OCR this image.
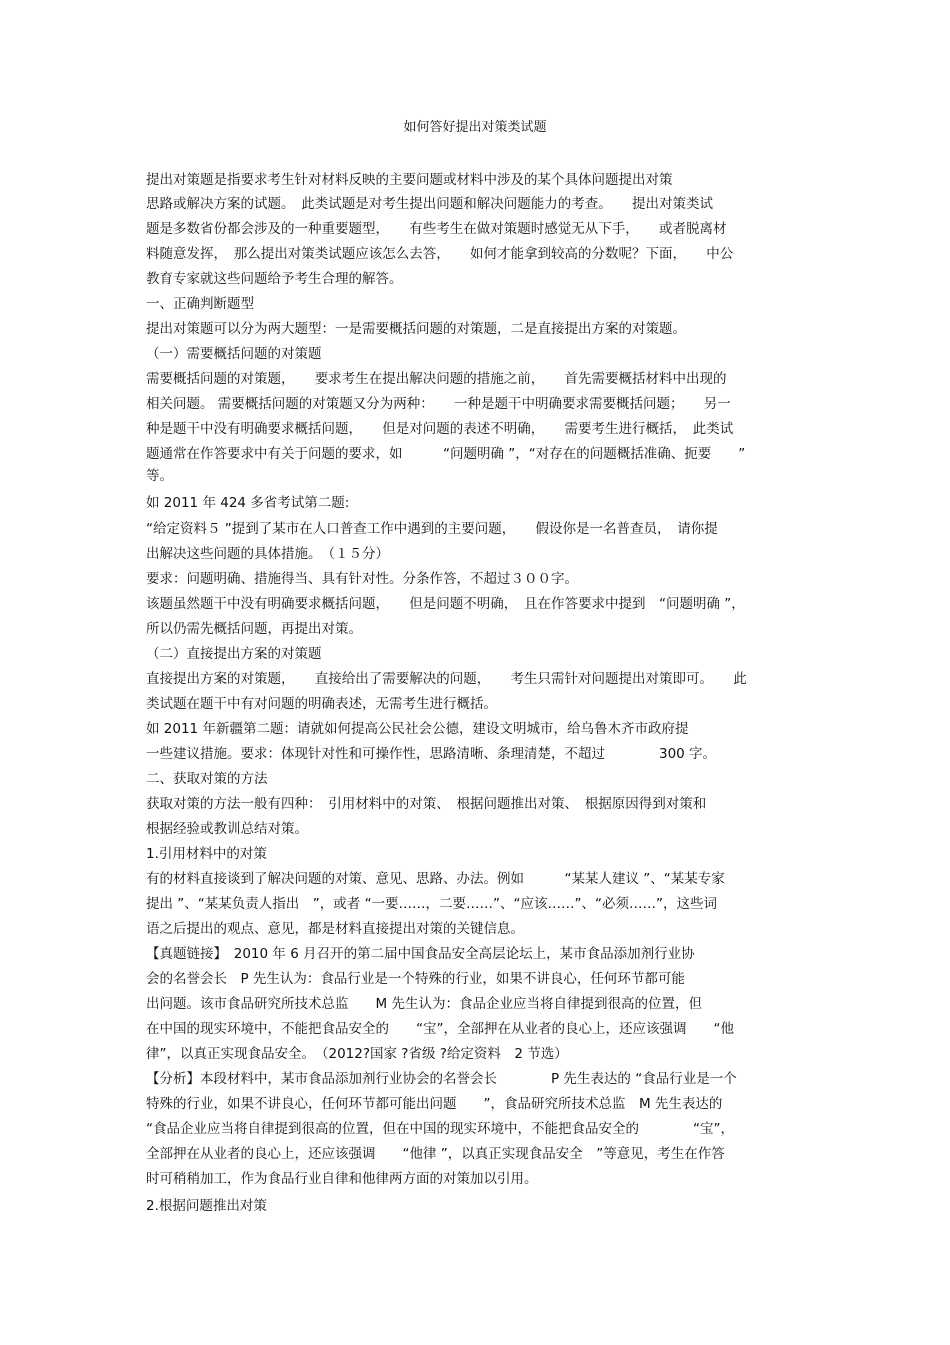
如何答好提出对策类试题
提出对策题是指要求考生针对材料反映的主要问题或材料中涉及的某个具体问题提出对策
思路或解决方案的试题。　此类试题是对考生提出问题和解决问题能力的考查。　　提出对策类试
题是多数省份都会涉及的一种重要题型，　　有些考生在做对策题时感觉无从下手，　　或者脱离材
料随意发挥，　那么提出对策类试题应该怎么去答，　　如何才能拿到较高的分数呢？下面，　　中公
教育专家就这些问题给予考生合理的解答。
一、正确判断题型
提出对策题可以分为两大题型：一是需要概括问题的对策题，二是直接提出方案的对策题。
（一）需要概括问题的对策题
需要概括问题的对策题，　　要求考生在提出解决问题的措施之前，　　首先需要概括材料中出现的
相关问题。 需要概括问题的对策题又分为两种：　　一种是题干中明确要求需要概括问题；　　另一
种是题干中没有明确要求概括问题，　　但是对问题的表述不明确，　　需要考生进行概括，　此类试
题通常在作答要求中有关于问题的要求，如　　　“问题明确 ”，“对存在的问题概括准确、扼要　　”
等。
如 2011 年 424 多省考试第二题:
“给定资料５ ”提到了某市在人口普查工作中遇到的主要问题，　　假设你是一名普查员，　请你提
出解决这些问题的具体措施。　（１５分）
要求：问题明确、措施得当、具有针对性。分条作答，不超过３００字。
该题虽然题干中没有明确要求概括问题，　　但是问题不明确，　且在作答要求中提到　“问题明确 ”，
所以仍需先概括问题，再提出对策。
（二）直接提出方案的对策题
直接提出方案的对策题，　　直接给出了需要解决的问题，　　考生只需针对问题提出对策即可。　　此
类试题在题干中有对问题的明确表述，无需考生进行概括。
如 2011 年新疆第二题：请就如何提高公民社会公德，建设文明城市，给乌鲁木齐市政府提
一些建议措施。要求：体现针对性和可操作性，思路清晰、条理清楚，不超过　　　　300 字。
二、获取对策的方法
获取对策的方法一般有四种：　引用材料中的对策、　根据问题推出对策、　根据原因得到对策和
根据经验或教训总结对策。
1.引用材料中的对策
有的材料直接谈到了解决问题的对策、意见、思路、办法。例如　　　“某某人建议 ”、“某某专家
提出 ”、“某某负责人指出　”，或者 “一要……，二要……”、“应该……”、“必须……”，这些词
语之后提出的观点、意见，都是材料直接提出对策的关键信息。
【真题链接】　2010 年 6 月召开的第二届中国食品安全高层论坛上，某市食品添加剂行业协
会的名誉会长　P 先生认为：食品行业是一个特殊的行业，如果不讲良心，任何环节都可能
出问题。该市食品研究所技术总监　　M 先生认为：食品企业应当将自律提到很高的位置，但
在中国的现实环境中，不能把食品安全的　　“宝”，全部押在从业者的良心上，还应该强调　　“他
律”，以真正实现食品安全。　（2012?国家 ?省级 ?给定资料　2 节选）
【分析】本段材料中，某市食品添加剂行业协会的名誉会长　　　　P 先生表达的 “食品行业是一个
特殊的行业，如果不讲良心，任何环节都可能出问题　　”，食品研究所技术总监　M 先生表达的
“食品企业应当将自律提到很高的位置，但在中国的现实环境中，不能把食品安全的　　　　“宝”，
全部押在从业者的良心上，还应该强调　　“他律 ”，以真正实现食品安全　”等意见，考生在作答
时可稍稍加工，作为食品行业自律和他律两方面的对策加以引用。
2.根据问题推出对策
